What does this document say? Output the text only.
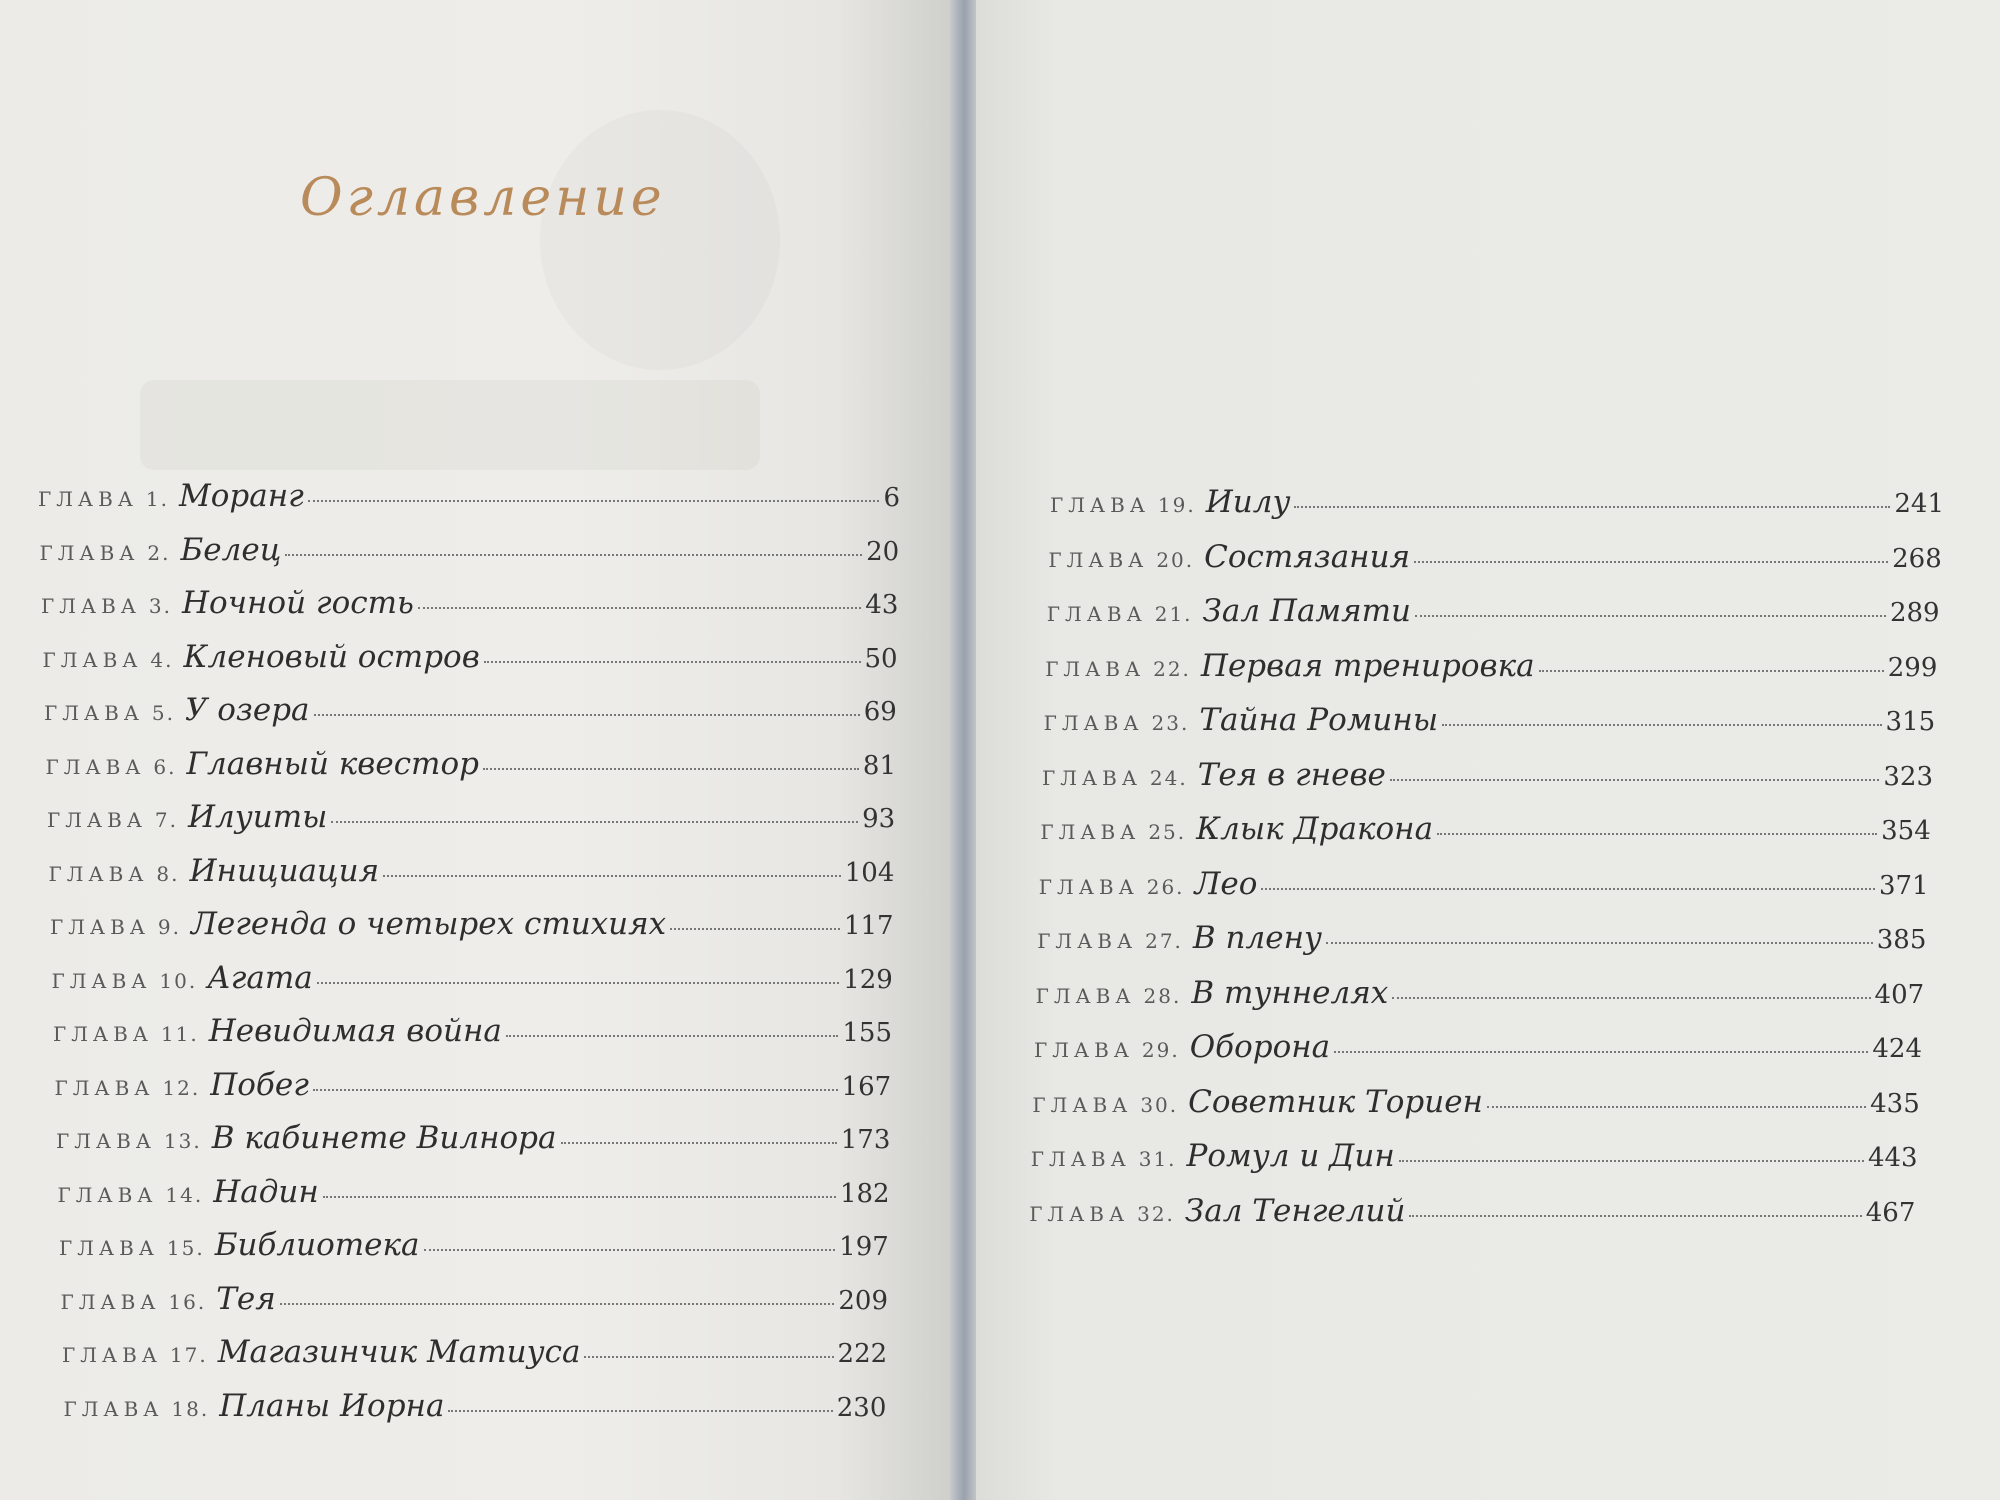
Оглавление
ГЛАВА 1. Моранг	6
ГЛАВА 2. Белец	20
ГЛАВА 3. Ночной гость	43
ГЛАВА 4. Кленовый остров	50
ГЛАВА 5. У озера	69
ГЛАВА 6. Главный квестор	81
ГЛАВА 7. Илуиты	93
ГЛАВА 8. Инициация	104
ГЛАВА 9. Легенда о четырех стихиях	117
ГЛАВА 10. Агата	129
ГЛАВА 11. Невидимая война	155
ГЛАВА 12. Побег	167
ГЛАВА 13. В кабинете Вилнора	173
ГЛАВА 14. Надин	182
ГЛАВА 15. Библиотека	197
ГЛАВА 16. Тея	209
ГЛАВА 17. Магазинчик Матиуса	222
ГЛАВА 18. Планы Иорна	230
ГЛАВА 19. Иилу	241
ГЛАВА 20. Состязания	268
ГЛАВА 21. Зал Памяти	289
ГЛАВА 22. Первая тренировка	299
ГЛАВА 23. Тайна Ромины	315
ГЛАВА 24. Тея в гневе	323
ГЛАВА 25. Клык Дракона	354
ГЛАВА 26. Лео	371
ГЛАВА 27. В плену	385
ГЛАВА 28. В туннелях	407
ГЛАВА 29. Оборона	424
ГЛАВА 30. Советник Ториен	435
ГЛАВА 31. Ромул и Дин	443
ГЛАВА 32. Зал Тенгелий	467
